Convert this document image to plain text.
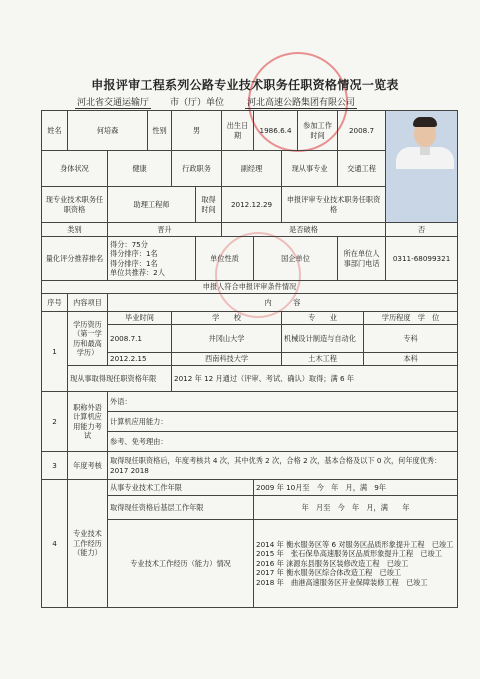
申报评审工程系列公路专业技术职务任职资格情况一览表
河北省交通运输厅 市（厅）单位	河北高速公路集团有限公司
姓名	何培森		性别	男		出生日期	1986.6.4		参加工作时间	2008.7		

身体状况		健康		行政职务		副经理		现从事专业		交通工程		
现专业技术职务任职资格		助理工程师			取得时间	2012.12.29		申报评审专业技术职务任职资格				
类别		晋升				是否破格						否
量化评分推荐排名		得分：75分
得分排序：1名
得分排序：1名
单位共推荐：2人			单位性质		国企单位			所在单位人事部门电话		0311-68099321
申报人符合申报评审条件情况												
序号	内容项目	内　　　容										
1	学历资历（第一学历和最高学历）	毕业时间		学　　校				专　　业			学历程度　学　位	
		2008.7.1		井冈山大学				机械设计制造与自动化			专科	
		2012.2.15		西南科技大学				土木工程			本科	
	现从事取得现任职资格年限			2012 年 12 月通过（评审、考试、确认）取得；满 6 年								
2	职称外语计算机应用能力考试	外语：										
		计算机应用能力：										
		参考、免考理由：										
3	年度考核	取得现任职资格后，年度考核共 4 次，其中优秀 2 次，合格 2 次，基本合格及以下 0 次，何年度优秀：　2017 2018										
4	专业技术工作经历（能力）	从事专业技术工作年限					2009 年 10月至　今　年　月，满　9年					
		取得现任资格后基层工作年限					年　月至　今　年　月，满　　年					
		专业技术工作经历（能力）情况					2014 年 衡水服务区等 6 对服务区品质形象提升工程　已竣工
2015 年　张石保阜高速服务区品质形象提升工程　已竣工
2016 年 涞源东县服务区装修改造工程　已竣工
2017 年 衡水服务区综合体改造工程　已竣工
2018 年　曲港高速服务区开业保障装修工程　已竣工					
